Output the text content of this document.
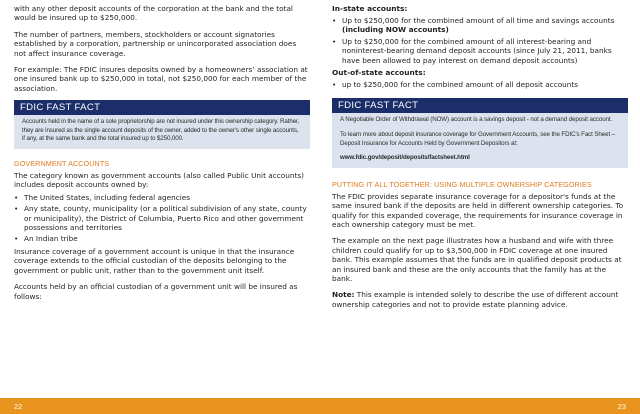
with any other deposit accounts of the corporation at the bank and the total would be insured up to $250,000.

The number of partners, members, stockholders or account signatories established by a corporation, partnership or unincorporated association does not affect insurance coverage.

For example: The FDIC insures deposits owned by a homeowners’ association at one insured bank up to $250,000 in total, not $250,000 for each member of the association.

FDIC FAST FACT

Accounts held in the name of a sole proprietorship are not insured under this ownership category. Rather, they are insured as the single account deposits of the owner, added to the owner's other single accounts, if any, at the same bank and the total insured up to $250,000.

GOVERNMENT ACCOUNTS

The category known as government accounts (also called Public Unit accounts) includes deposit accounts owned by:

• The United States, including federal agencies
• Any state, county, municipality (or a political subdivision of any state, county or municipality), the District of Columbia, Puerto Rico and other government possessions and territories
• An Indian tribe

Insurance coverage of a government account is unique in that the insurance coverage extends to the official custodian of the deposits belonging to the government or public unit, rather than to the government unit itself.

Accounts held by an official custodian of a government unit will be insured as follows:

In-state accounts:
• Up to $250,000 for the combined amount of all time and savings accounts (including NOW accounts)
• Up to $250,000 for the combined amount of all interest-bearing and noninterest-bearing demand deposit accounts (since July 21, 2011, banks have been allowed to pay interest on demand deposit accounts)
Out-of-state accounts:
• up to $250,000 for the combined amount of all deposit accounts
FDIC FAST FACT

A Negotiable Order of Withdrawal (NOW) account is a savings deposit - not a demand deposit account.

To learn more about deposit insurance coverage for Government Accounts, see the FDIC's Fact Sheet – Deposit Insurance for Accounts Held by Government Depositors at:

www.fdic.gov/deposit/deposits/factsheet.html

PUTTING IT ALL TOGETHER: USING MULTIPLE OWNERSHIP CATEGORIES

The FDIC provides separate insurance coverage for a depositor's funds at the same insured bank if the deposits are held in different ownership categories. To qualify for this expanded coverage, the requirements for insurance coverage in each ownership category must be met.

The example on the next page illustrates how a husband and wife with three children could qualify for up to $3,500,000 in FDIC coverage at one insured bank. This example assumes that the funds are in qualified deposit products at an insured bank and these are the only accounts that the family has at the bank.

Note: This example is intended solely to describe the use of different account ownership categories and not to provide estate planning advice.

22	23
